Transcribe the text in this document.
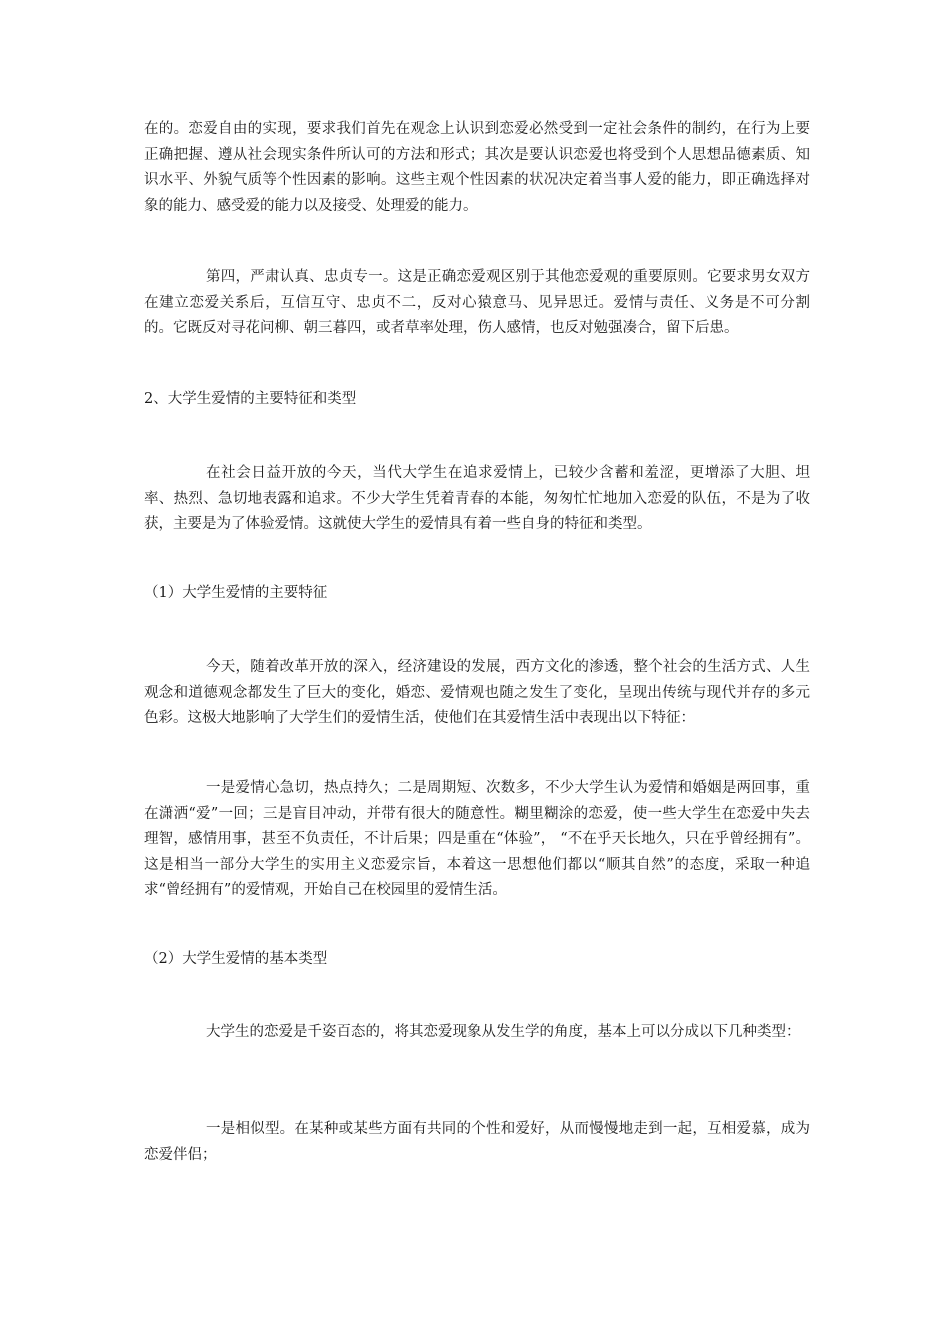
在的。恋爱自由的实现，要求我们首先在观念上认识到恋爱必然受到一定社会条件的制约，在行为上要正确把握、遵从社会现实条件所认可的方法和形式；其次是要认识恋爱也将受到个人思想品德素质、知识水平、外貌气质等个性因素的影响。这些主观个性因素的状况决定着当事人爱的能力，即正确选择对象的能力、感受爱的能力以及接受、处理爱的能力。

第四，严肃认真、忠贞专一。这是正确恋爱观区别于其他恋爱观的重要原则。它要求男女双方在建立恋爱关系后，互信互守、忠贞不二，反对心猿意马、见异思迁。爱情与责任、义务是不可分割的。它既反对寻花问柳、朝三暮四，或者草率处理，伤人感情，也反对勉强凑合，留下后患。

2、大学生爱情的主要特征和类型

在社会日益开放的今天，当代大学生在追求爱情上，已较少含蓄和羞涩，更增添了大胆、坦率、热烈、急切地表露和追求。不少大学生凭着青春的本能，匆匆忙忙地加入恋爱的队伍，不是为了收获，主要是为了体验爱情。这就使大学生的爱情具有着一些自身的特征和类型。

（1）大学生爱情的主要特征

今天，随着改革开放的深入，经济建设的发展，西方文化的渗透，整个社会的生活方式、人生观念和道德观念都发生了巨大的变化，婚恋、爱情观也随之发生了变化，呈现出传统与现代并存的多元色彩。这极大地影响了大学生们的爱情生活，使他们在其爱情生活中表现出以下特征：

一是爱情心急切，热点持久；二是周期短、次数多，不少大学生认为爱情和婚姻是两回事，重在潇洒“爱”一回；三是盲目冲动，并带有很大的随意性。糊里糊涂的恋爱，使一些大学生在恋爱中失去理智，感情用事，甚至不负责任，不计后果；四是重在“体验”， “不在乎天长地久，只在乎曾经拥有”。这是相当一部分大学生的实用主义恋爱宗旨，本着这一思想他们都以“顺其自然”的态度，采取一种追求“曾经拥有”的爱情观，开始自己在校园里的爱情生活。

（2）大学生爱情的基本类型

大学生的恋爱是千姿百态的，将其恋爱现象从发生学的角度，基本上可以分成以下几种类型：

一是相似型。在某种或某些方面有共同的个性和爱好，从而慢慢地走到一起，互相爱慕，成为恋爱伴侣；
